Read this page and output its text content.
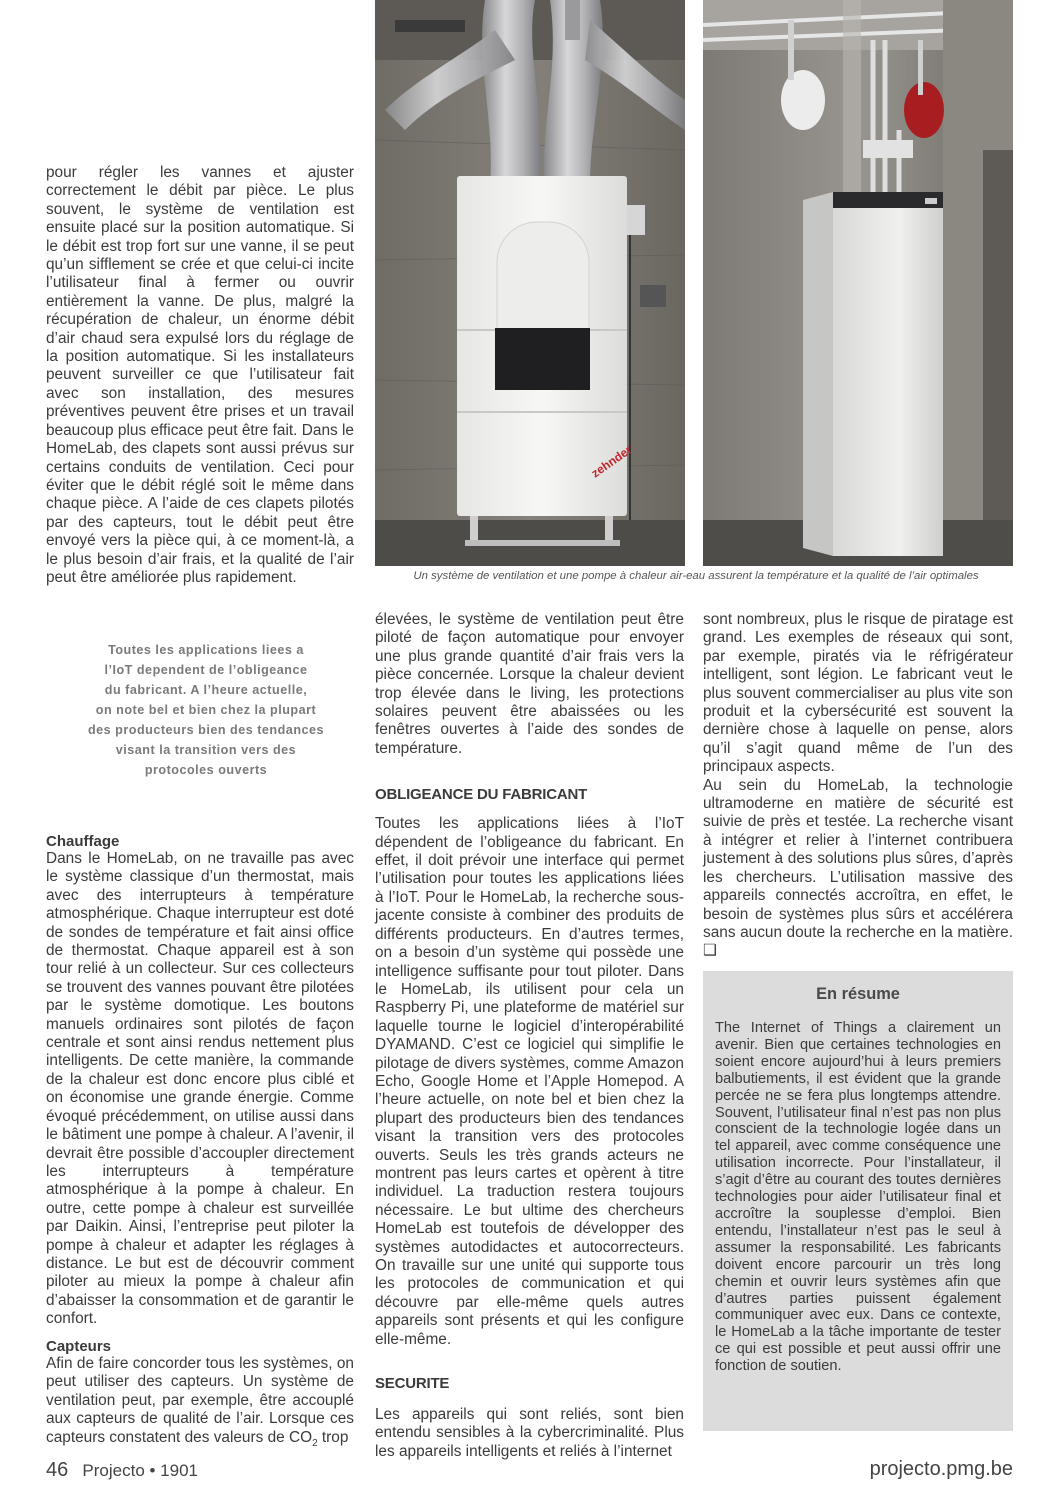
zehnder

Un système de ventilation et une pompe à chaleur air-eau assurent la température et la qualité de l’air optimales

pour régler les vannes et ajuster correctement le débit par pièce. Le plus souvent, le système de ventilation est ensuite placé sur la position automatique. Si le débit est trop fort sur une vanne, il se peut qu’un sifflement se crée et que celui-ci incite l’utilisateur final à fermer ou ouvrir entièrement la vanne. De plus, malgré la récupération de chaleur, un énorme débit d’air chaud sera expulsé lors du réglage de la position automatique. Si les installateurs peuvent surveiller ce que l’utilisateur fait avec son installation, des mesures préventives peuvent être prises et un travail beaucoup plus efficace peut être fait. Dans le HomeLab, des clapets sont aussi prévus sur certains conduits de ventilation. Ceci pour éviter que le débit réglé soit le même dans chaque pièce. A l’aide de ces clapets pilotés par des capteurs, tout le débit peut être envoyé vers la pièce qui, à ce moment-là, a le plus besoin d’air frais, et la qualité de l’air peut être améliorée plus rapidement.

Toutes les applications liees a
l’IoT dependent de l’obligeance
du fabricant. A l’heure actuelle,
on note bel et bien chez la plupart
des producteurs bien des tendances
visant la transition vers des
protocoles ouverts
Chauffage

Dans le HomeLab, on ne travaille pas avec le système classique d’un thermostat, mais avec des interrupteurs à température atmosphérique. Chaque interrupteur est doté de sondes de température et fait ainsi office de thermostat. Chaque appareil est à son tour relié à un collecteur. Sur ces collecteurs se trouvent des vannes pouvant être pilotées par le système domotique. Les boutons manuels ordinaires sont pilotés de façon centrale et sont ainsi rendus nettement plus intelligents. De cette manière, la commande de la chaleur est donc encore plus ciblé et on économise une grande énergie. Comme évoqué précédemment, on utilise aussi dans le bâtiment une pompe à chaleur. A l’avenir, il devrait être possible d’accoupler directement les interrupteurs à température atmosphérique à la pompe à chaleur. En outre, cette pompe à chaleur est surveillée par Daikin. Ainsi, l’entreprise peut piloter la pompe à chaleur et adapter les réglages à distance. Le but est de découvrir comment piloter au mieux la pompe à chaleur afin d’abaisser la consommation et de garantir le confort.

Capteurs

Afin de faire concorder tous les systèmes, on peut utiliser des capteurs. Un système de ventilation peut, par exemple, être accouplé aux capteurs de qualité de l’air. Lorsque ces capteurs constatent des valeurs de $CO_2$ trop

élevées, le système de ventilation peut être piloté de façon automatique pour envoyer une plus grande quantité d’air frais vers la pièce concernée. Lorsque la chaleur devient trop élevée dans le living, les protections solaires peuvent être abaissées ou les fenêtres ouvertes à l’aide des sondes de température.

OBLIGEANCE DU FABRICANT

Toutes les applications liées à l’IoT dépendent de l’obligeance du fabricant. En effet, il doit prévoir une interface qui permet l’utilisation pour toutes les applications liées à l’IoT. Pour le HomeLab, la recherche sous-jacente consiste à combiner des produits de différents producteurs. En d’autres termes, on a besoin d’un système qui possède une intelligence suffisante pour tout piloter. Dans le HomeLab, ils utilisent pour cela un Raspberry Pi, une plateforme de matériel sur laquelle tourne le logiciel d’interopérabilité DYAMAND. C’est ce logiciel qui simplifie le pilotage de divers systèmes, comme Amazon Echo, Google Home et l’Apple Homepod. A l’heure actuelle, on note bel et bien chez la plupart des producteurs bien des tendances visant la transition vers des protocoles ouverts. Seuls les très grands acteurs ne montrent pas leurs cartes et opèrent à titre individuel. La traduction restera toujours nécessaire. Le but ultime des chercheurs HomeLab est toutefois de développer des systèmes autodidactes et autocorrecteurs. On travaille sur une unité qui supporte tous les protocoles de communication et qui découvre par elle-même quels autres appareils sont présents et qui les configure elle-même.

SECURITE

Les appareils qui sont reliés, sont bien entendu sensibles à la cybercriminalité. Plus les appareils intelligents et reliés à l’internet

sont nombreux, plus le risque de piratage est grand. Les exemples de réseaux qui sont, par exemple, piratés via le réfrigérateur intelligent, sont légion. Le fabricant veut le plus souvent commercialiser au plus vite son produit et la cybersécurité est souvent la dernière chose à laquelle on pense, alors qu’il s’agit quand même de l’un des principaux aspects.

Au sein du HomeLab, la technologie ultramoderne en matière de sécurité est suivie de près et testée. La recherche visant à intégrer et relier à l’internet contribuera justement à des solutions plus sûres, d’après les chercheurs. L’utilisation massive des appareils connectés accroîtra, en effet, le besoin de systèmes plus sûrs et accélérera sans aucun doute la recherche en la matière. ❑

En résume

The Internet of Things a clairement un avenir. Bien que certaines technologies en soient encore aujourd’hui à leurs premiers balbutiements, il est évident que la grande percée ne se fera plus longtemps attendre. Souvent, l’utilisateur final n’est pas non plus conscient de la technologie logée dans un tel appareil, avec comme conséquence une utilisation incorrecte. Pour l’installateur, il s’agit d’être au courant des toutes dernières technologies pour aider l’utilisateur final et accroître la souplesse d’emploi. Bien entendu, l’installateur n’est pas le seul à assumer la responsabilité. Les fabricants doivent encore parcourir un très long chemin et ouvrir leurs systèmes afin que d’autres parties puissent également communiquer avec eux. Dans ce contexte, le HomeLab a la tâche importante de tester ce qui est possible et peut aussi offrir une fonction de soutien.

46 Projecto • 1901	projecto.pmg.be
